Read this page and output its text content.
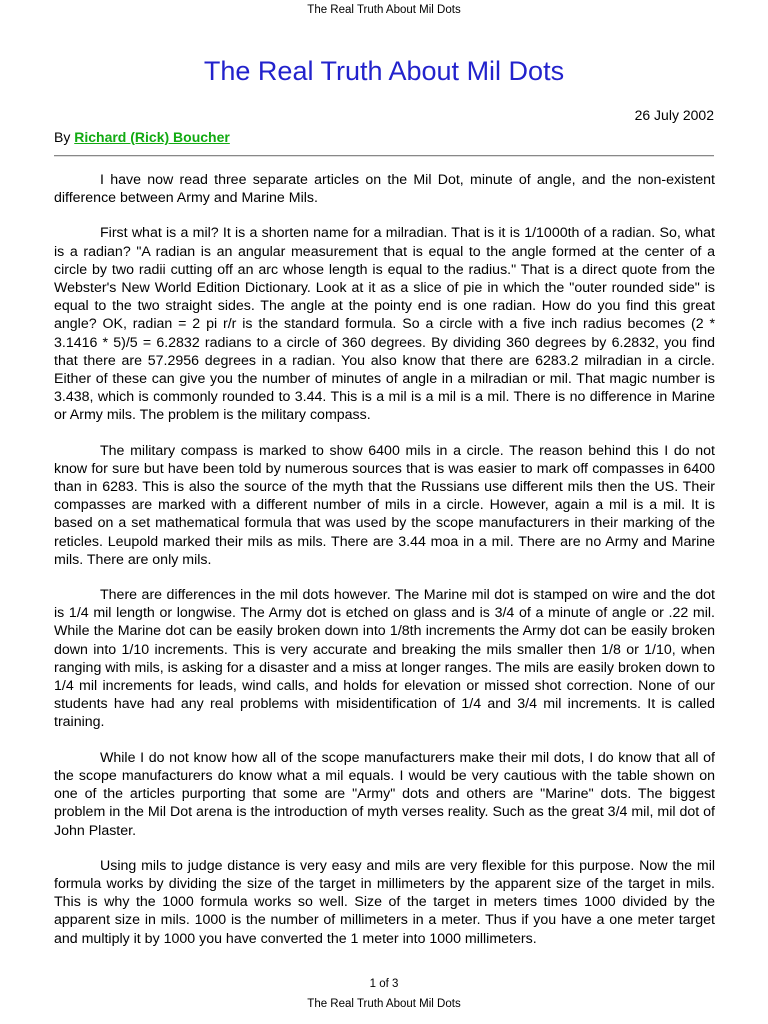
The Real Truth About Mil Dots
The Real Truth About Mil Dots
26 July 2002
By Richard (Rick) Boucher

I have now read three separate articles on the Mil Dot, minute of angle, and the non-existent difference between Army and Marine Mils.

First what is a mil? It is a shorten name for a milradian. That is it is 1/1000th of a radian. So, what is a radian? "A radian is an angular measurement that is equal to the angle formed at the center of a circle by two radii cutting off an arc whose length is equal to the radius." That is a direct quote from the Webster's New World Edition Dictionary. Look at it as a slice of pie in which the "outer rounded side" is equal to the two straight sides. The angle at the pointy end is one radian. How do you find this great angle? OK, radian = 2 pi r/r is the standard formula. So a circle with a five inch radius becomes (2 * 3.1416 * 5)/5 = 6.2832 radians to a circle of 360 degrees. By dividing 360 degrees by 6.2832, you find that there are 57.2956 degrees in a radian. You also know that there are 6283.2 milradian in a circle. Either of these can give you the number of minutes of angle in a milradian or mil. That magic number is 3.438, which is commonly rounded to 3.44. This is a mil is a mil is a mil. There is no difference in Marine or Army mils. The problem is the military compass.

The military compass is marked to show 6400 mils in a circle. The reason behind this I do not know for sure but have been told by numerous sources that is was easier to mark off compasses in 6400 than in 6283. This is also the source of the myth that the Russians use different mils then the US. Their compasses are marked with a different number of mils in a circle. However, again a mil is a mil. It is based on a set mathematical formula that was used by the scope manufacturers in their marking of the reticles. Leupold marked their mils as mils. There are 3.44 moa in a mil. There are no Army and Marine mils. There are only mils.

There are differences in the mil dots however. The Marine mil dot is stamped on wire and the dot is 1/4 mil length or longwise. The Army dot is etched on glass and is 3/4 of a minute of angle or .22 mil. While the Marine dot can be easily broken down into 1/8th increments the Army dot can be easily broken down into 1/10 increments. This is very accurate and breaking the mils smaller then 1/8 or 1/10, when ranging with mils, is asking for a disaster and a miss at longer ranges. The mils are easily broken down to 1/4 mil increments for leads, wind calls, and holds for elevation or missed shot correction. None of our students have had any real problems with misidentification of 1/4 and 3/4 mil increments. It is called training.

While I do not know how all of the scope manufacturers make their mil dots, I do know that all of the scope manufacturers do know what a mil equals. I would be very cautious with the table shown on one of the articles purporting that some are "Army" dots and others are "Marine" dots. The biggest problem in the Mil Dot arena is the introduction of myth verses reality. Such as the great 3/4 mil, mil dot of John Plaster.

Using mils to judge distance is very easy and mils are very flexible for this purpose. Now the mil formula works by dividing the size of the target in millimeters by the apparent size of the target in mils. This is why the 1000 formula works so well. Size of the target in meters times 1000 divided by the apparent size in mils. 1000 is the number of millimeters in a meter. Thus if you have a one meter target and multiply it by 1000 you have converted the 1 meter into 1000 millimeters.

1 of 3
The Real Truth About Mil Dots
